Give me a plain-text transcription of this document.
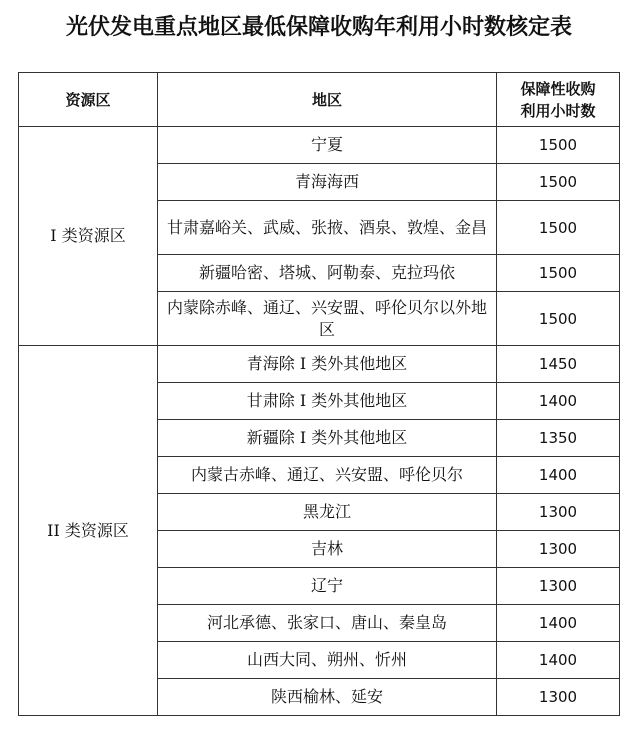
光伏发电重点地区最低保障收购年利用小时数核定表
资源区	地区	保障性收购
利用小时数

I 类资源区	宁夏	1500
	青海海西	1500
	甘肃嘉峪关、武威、张掖、酒泉、敦煌、金昌	1500
	新疆哈密、塔城、阿勒泰、克拉玛依	1500
	内蒙除赤峰、通辽、兴安盟、呼伦贝尔以外地区	1500
II 类资源区	青海除 I 类外其他地区	1450
	甘肃除 I 类外其他地区	1400
	新疆除 I 类外其他地区	1350
	内蒙古赤峰、通辽、兴安盟、呼伦贝尔	1400
	黑龙江	1300
	吉林	1300
	辽宁	1300
	河北承德、张家口、唐山、秦皇岛	1400
	山西大同、朔州、忻州	1400
	陕西榆林、延安	1300
